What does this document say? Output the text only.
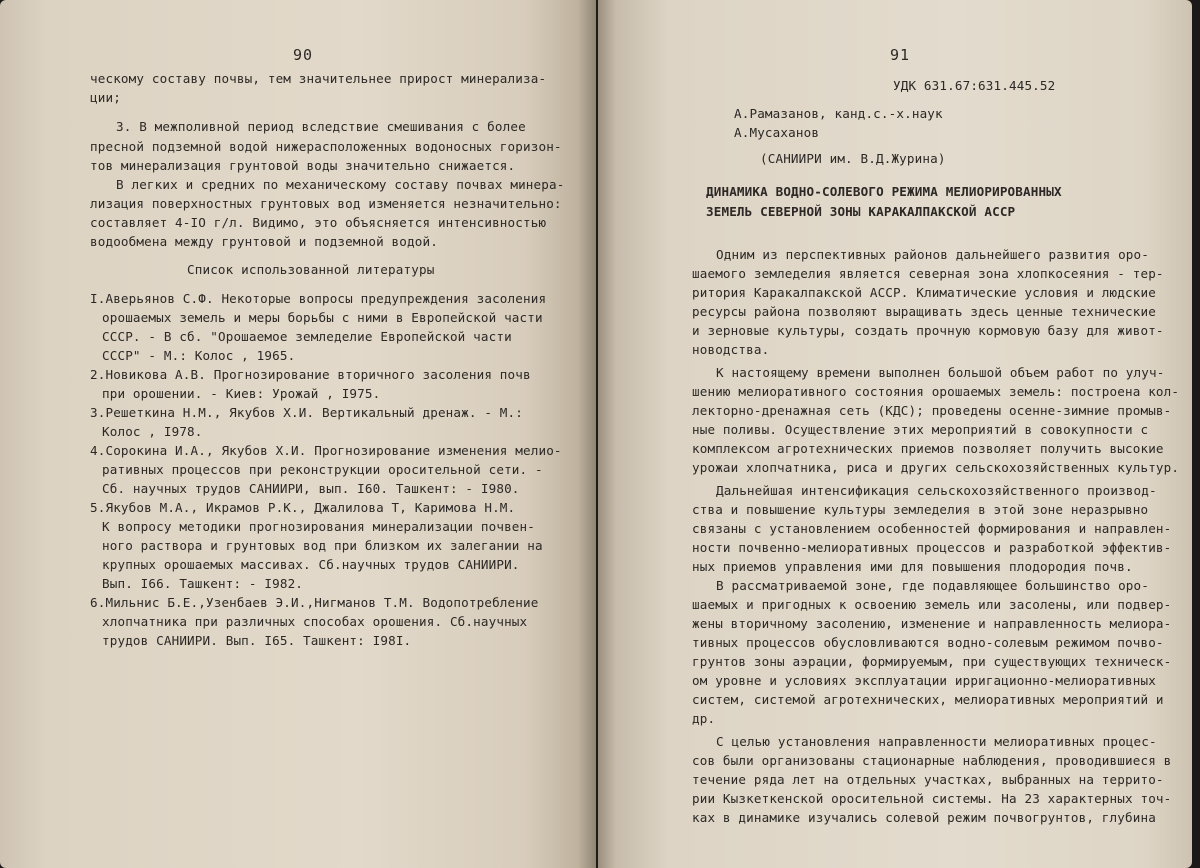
90
ческому составу почвы, тем значительнее прирост минерализа-
ции;
3. В межполивной период вследствие смешивания с более
пресной подземной водой нижерасположенных водоносных горизон-
тов минерализация грунтовой воды значительно снижается.
В легких и средних по механическому составу почвах минера-
лизация поверхностных грунтовых вод изменяется незначительно:
составляет 4-IO г/л. Видимо, это объясняется интенсивностью
водообмена между грунтовой и подземной водой.
Список использованной литературы
I.Аверьянов С.Ф. Некоторые вопросы предупреждения засоления
орошаемых земель и меры борьбы с ними в Европейской части
СССР. - В сб. "Орошаемое земледелие Европейской части
СССР" - М.: Колос , 1965.
2.Новикова А.В. Прогнозирование вторичного засоления почв
при орошении. - Киев: Урожай , I975.
3.Решеткина Н.М., Якубов Х.И. Вертикальный дренаж. - М.:
Колос , I978.
4.Сорокина И.А., Якубов Х.И. Прогнозирование изменения мелио-
ративных процессов при реконструкции оросительной сети. -
Сб. научных трудов САНИИРИ, вып. I60. Ташкент: - I980.
5.Якубов М.А., Икрамов Р.К., Джалилова Т, Каримова Н.М.
К вопросу методики прогнозирования минерализации почвен-
ного раствора и грунтовых вод при близком их залегании на
крупных орошаемых массивах. Сб.научных трудов САНИИРИ.
Вып. I66. Ташкент: - I982.
6.Мильнис Б.Е.,Узенбаев Э.И.,Нигманов Т.М. Водопотребление
хлопчатника при различных способах орошения. Сб.научных
трудов САНИИРИ. Вып. I65. Ташкент: I98I.
91
УДК 631.67:631.445.52
А.Рамазанов, канд.с.-х.наук
А.Мусаханов
(САНИИРИ им. В.Д.Журина)
ДИНАМИКА ВОДНО-СОЛЕВОГО РЕЖИМА МЕЛИОРИРОВАННЫХ
ЗЕМЕЛЬ СЕВЕРНОЙ ЗОНЫ КАРАКАЛПАКСКОЙ АССР
Одним из перспективных районов дальнейшего развития оро-
шаемого земледелия является северная зона хлопкосеяния - тер-
ритория Каракалпакской АССР. Климатические условия и людские
ресурсы района позволяют выращивать здесь ценные технические
и зерновые культуры, создать прочную кормовую базу для живот-
новодства.
К настоящему времени выполнен большой объем работ по улуч-
шению мелиоративного состояния орошаемых земель: построена кол-
лекторно-дренажная сеть (КДС); проведены осенне-зимние промыв-
ные поливы. Осуществление этих мероприятий в совокупности с
комплексом агротехнических приемов позволяет получить высокие
урожаи хлопчатника, риса и других сельскохозяйственных культур.
Дальнейшая интенсификация сельскохозяйственного производ-
ства и повышение культуры земледелия в этой зоне неразрывно
связаны с установлением особенностей формирования и направлен-
ности почвенно-мелиоративных процессов и разработкой эффектив-
ных приемов управления ими для повышения плодородия почв.
В рассматриваемой зоне, где подавляющее большинство оро-
шаемых и пригодных к освоению земель или засолены, или подвер-
жены вторичному засолению, изменение и направленность мелиора-
тивных процессов обусловливаются водно-солевым режимом почво-
грунтов зоны аэрации, формируемым, при существующих техническ-
ом уровне и условиях эксплуатации ирригационно-мелиоративных
систем, системой агротехнических, мелиоративных мероприятий и
др.
С целью установления направленности мелиоративных процес-
сов были организованы стационарные наблюдения, проводившиеся в
течение ряда лет на отдельных участках, выбранных на террито-
рии Кызкеткенской оросительной системы. На 23 характерных точ-
ках в динамике изучались солевой режим почвогрунтов, глубина
